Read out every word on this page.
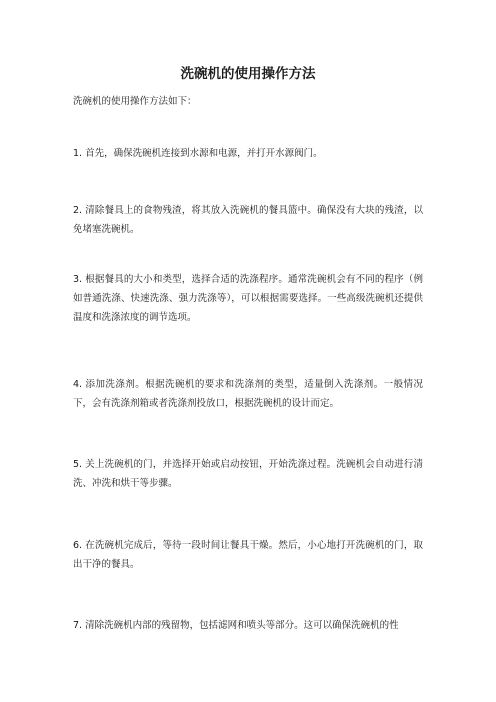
洗碗机的使用操作方法

洗碗机的使用操作方法如下：

1. 首先，确保洗碗机连接到水源和电源，并打开水源阀门。

2. 清除餐具上的食物残渣，将其放入洗碗机的餐具篮中。确保没有大块的残渣，以免堵塞洗碗机。

3. 根据餐具的大小和类型，选择合适的洗涤程序。通常洗碗机会有不同的程序（例如普通洗涤、快速洗涤、强力洗涤等），可以根据需要选择。一些高级洗碗机还提供温度和洗涤浓度的调节选项。

4. 添加洗涤剂。根据洗碗机的要求和洗涤剂的类型，适量倒入洗涤剂。一般情况下，会有洗涤剂箱或者洗涤剂投放口，根据洗碗机的设计而定。

5. 关上洗碗机的门，并选择开始或启动按钮，开始洗涤过程。洗碗机会自动进行清洗、冲洗和烘干等步骤。

6. 在洗碗机完成后，等待一段时间让餐具干燥。然后，小心地打开洗碗机的门，取出干净的餐具。

7. 清除洗碗机内部的残留物，包括滤网和喷头等部分。这可以确保洗碗机的性
